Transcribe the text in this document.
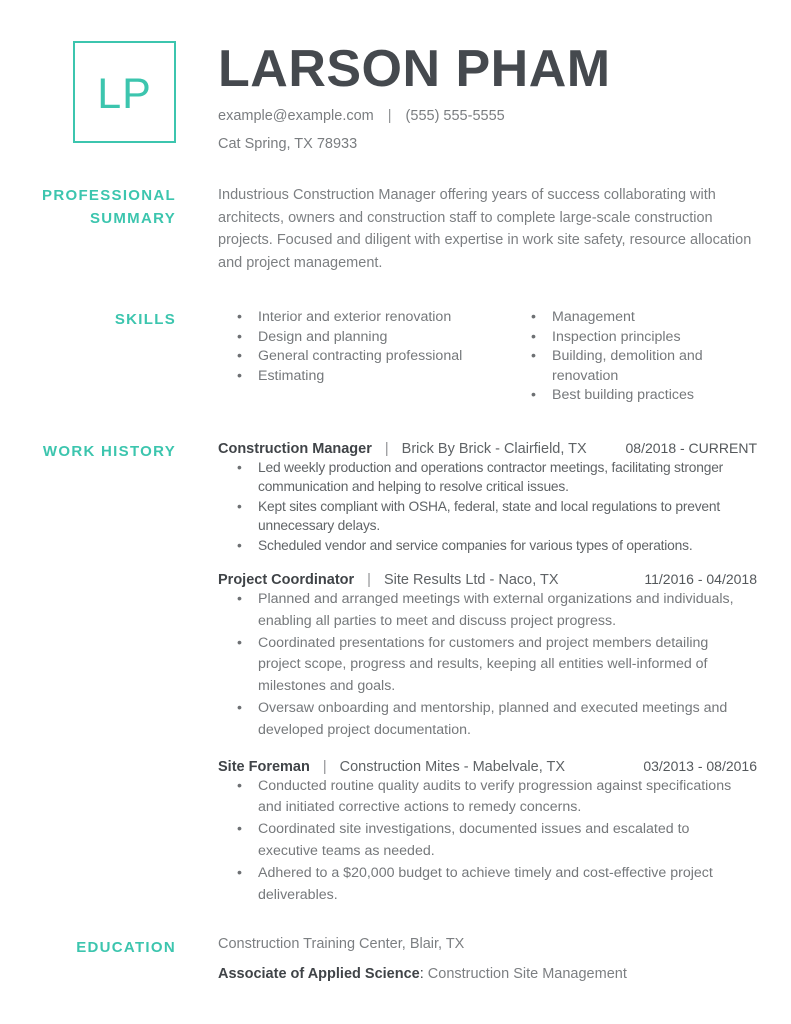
LP LARSON PHAM
example@example.com | (555) 555-5555
Cat Spring, TX 78933
PROFESSIONAL SUMMARY

Industrious Construction Manager offering years of success collaborating with architects, owners and construction staff to complete large-scale construction projects. Focused and diligent with expertise in work site safety, resource allocation and project management.

SKILLS	•	Interior and exterior renovation
•	Design and planning
•	General contracting professional
•	Estimating
•	Management
•	Inspection principles
•	Building, demolition and renovation
•	Best building practices
WORK HISTORY	Construction Manager | Brick By Brick - Clairfield, TX	08/2018 - CURRENT
•	Led weekly production and operations contractor meetings, facilitating stronger communication and helping to resolve critical issues.
•	Kept sites compliant with OSHA, federal, state and local regulations to prevent unnecessary delays.
•	Scheduled vendor and service companies for various types of operations.
Project Coordinator | Site Results Ltd - Naco, TX	11/2016 - 04/2018
•	Planned and arranged meetings with external organizations and individuals, enabling all parties to meet and discuss project progress.
•	Coordinated presentations for customers and project members detailing project scope, progress and results, keeping all entities well-informed of milestones and goals.
•	Oversaw onboarding and mentorship, planned and executed meetings and developed project documentation.
Site Foreman | Construction Mites - Mabelvale, TX	03/2013 - 08/2016
•	Conducted routine quality audits to verify progression against specifications and initiated corrective actions to remedy concerns.
•	Coordinated site investigations, documented issues and escalated to executive teams as needed.
•	Adhered to a $20,000 budget to achieve timely and cost-effective project deliverables.
EDUCATION	Construction Training Center, Blair, TX
Associate of Applied Science: Construction Site Management
